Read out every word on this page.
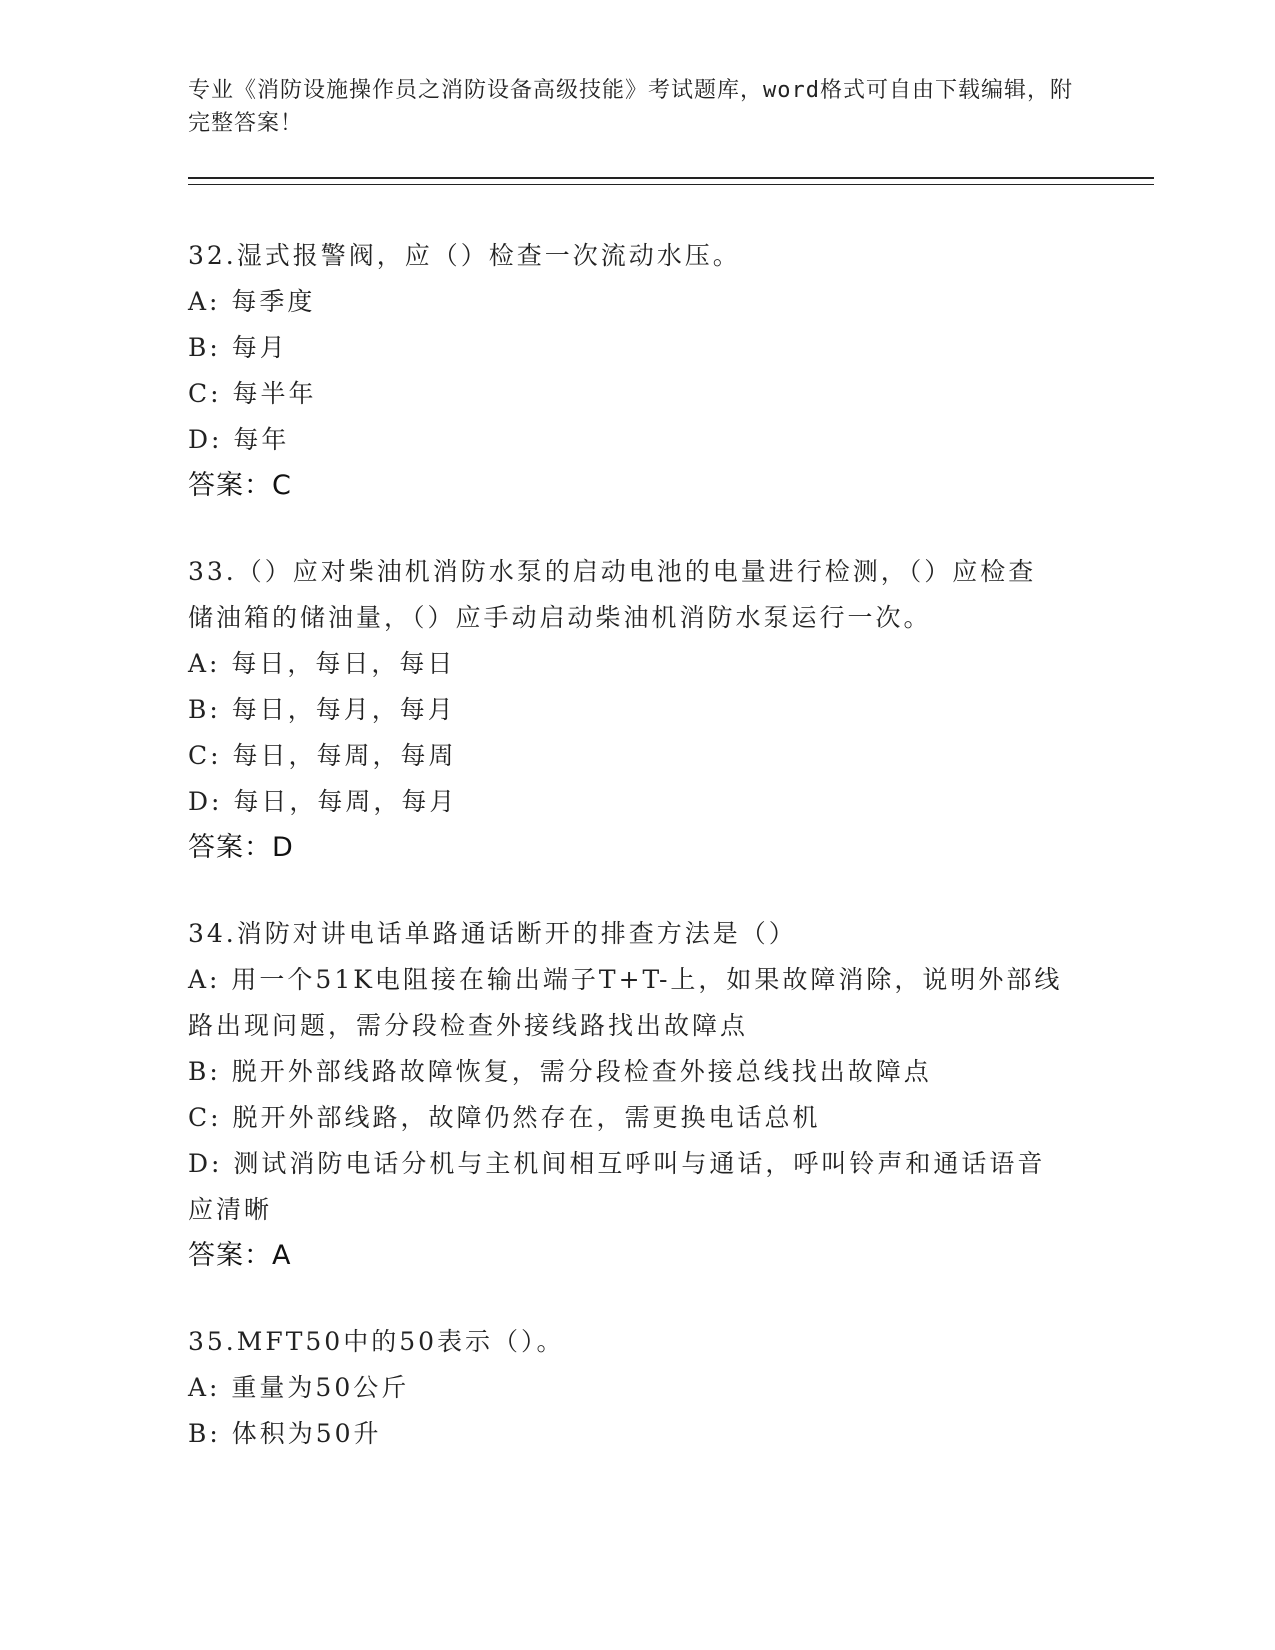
专业《消防设施操作员之消防设备高级技能》考试题库，word格式可自由下载编辑，附完整答案！
32.湿式报警阀，应（）检查一次流动水压。
A: 每季度
B: 每月
C: 每半年
D: 每年
答案：C
33.（）应对柴油机消防水泵的启动电池的电量进行检测，（）应检查
储油箱的储油量，（）应手动启动柴油机消防水泵运行一次。
A: 每日，每日，每日
B: 每日，每月，每月
C: 每日，每周，每周
D: 每日，每周，每月
答案：D
34.消防对讲电话单路通话断开的排查方法是（）
A: 用一个51K电阻接在输出端子T+T-上，如果故障消除，说明外部线
路出现问题，需分段检查外接线路找出故障点
B: 脱开外部线路故障恢复，需分段检查外接总线找出故障点
C: 脱开外部线路，故障仍然存在，需更换电话总机
D: 测试消防电话分机与主机间相互呼叫与通话，呼叫铃声和通话语音
应清晰
答案：A
35.MFT50中的50表示（）。
A: 重量为50公斤
B: 体积为50升
